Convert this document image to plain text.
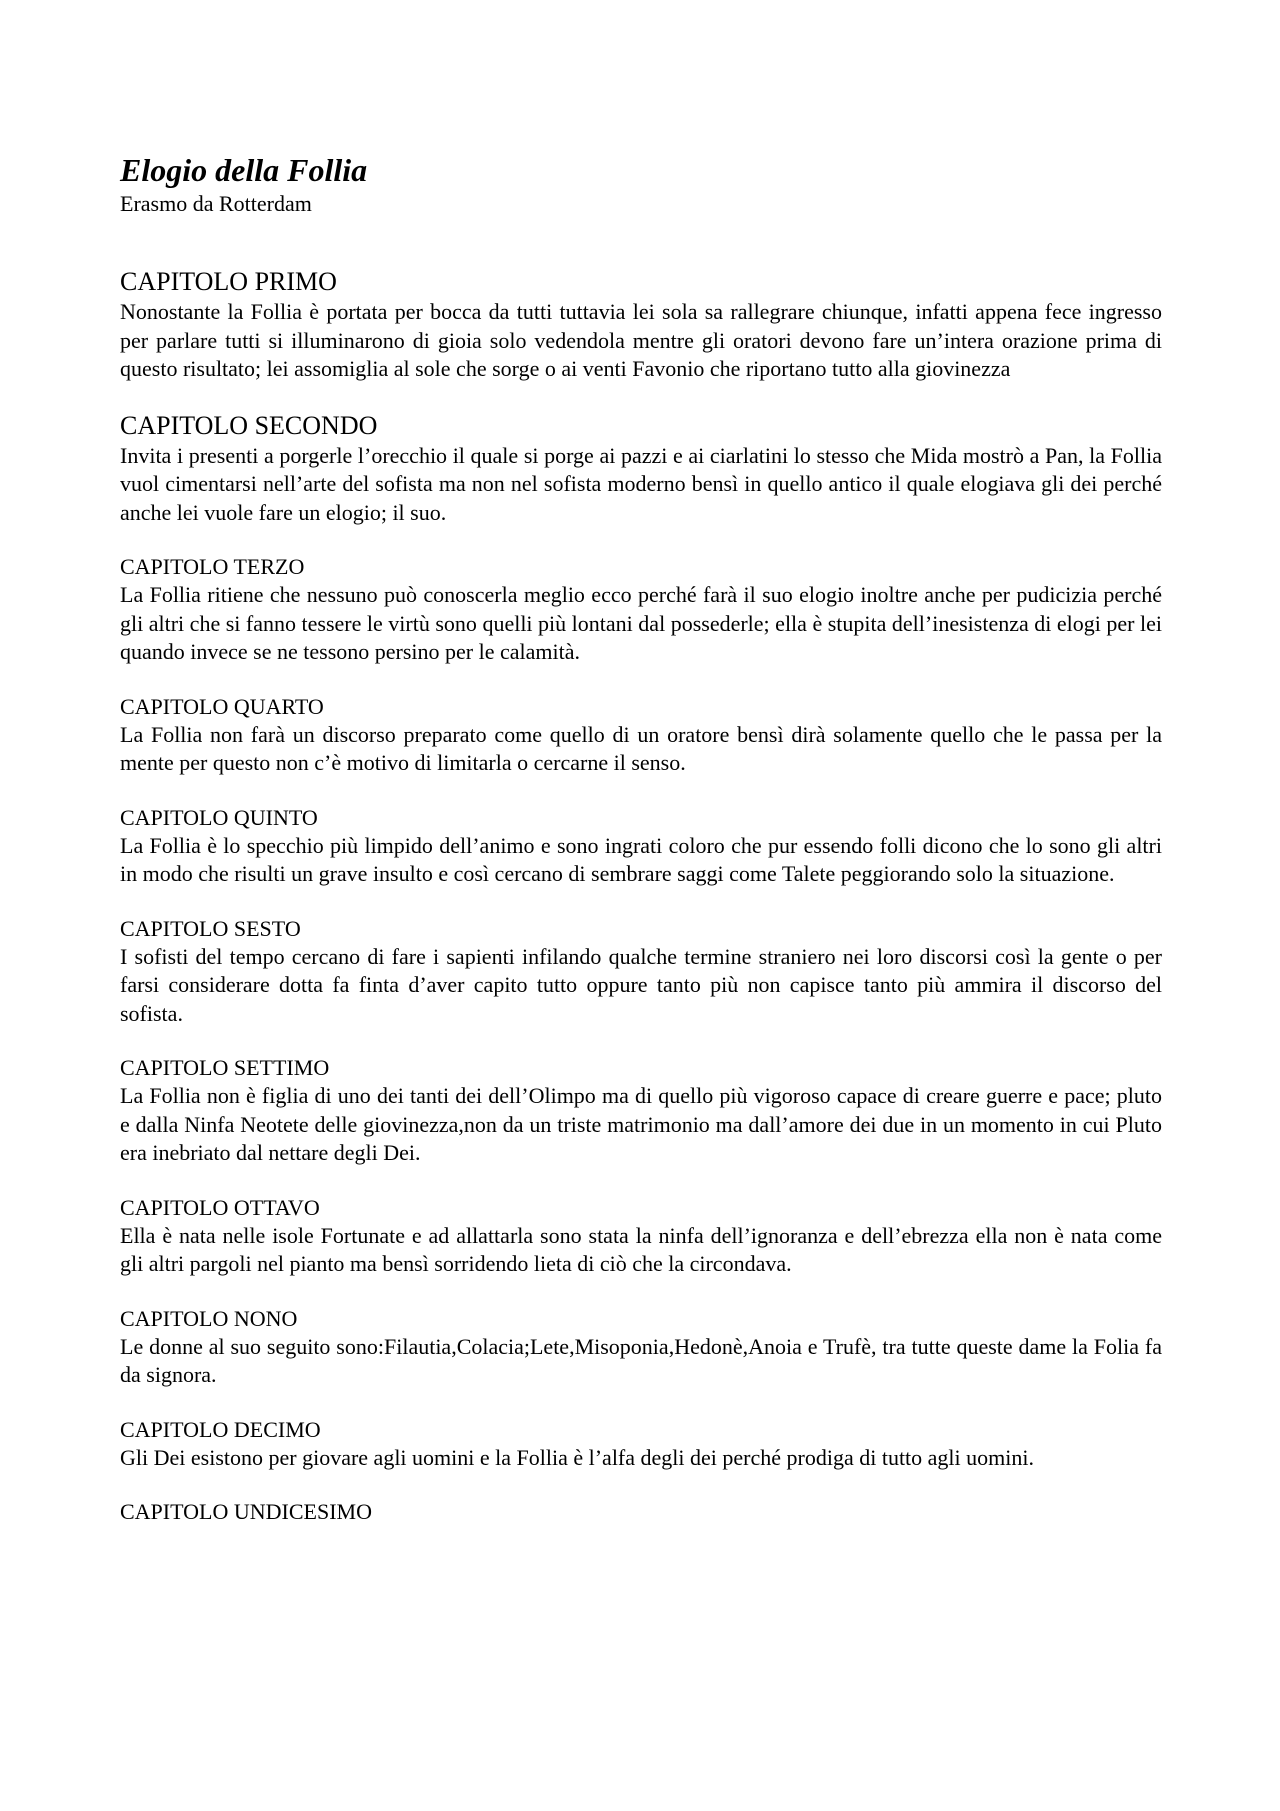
Elogio della Follia

Erasmo da Rotterdam

CAPITOLO PRIMO

Nonostante la Follia è portata per bocca da tutti tuttavia lei sola sa rallegrare chiunque, infatti appena fece ingresso per parlare tutti si illuminarono di gioia solo vedendola mentre gli oratori devono fare un’intera orazione prima di questo risultato; lei assomiglia al sole che sorge o ai venti Favonio che riportano tutto alla giovinezza

CAPITOLO SECONDO

Invita i presenti a porgerle l’orecchio il quale si porge ai pazzi e ai ciarlatini lo stesso che Mida mostrò a Pan, la Follia vuol cimentarsi nell’arte del sofista ma non nel sofista moderno bensì in quello antico il quale elogiava gli dei perché anche lei vuole fare un elogio; il suo.

CAPITOLO TERZO

La Follia ritiene che nessuno può conoscerla meglio ecco perché farà il suo elogio inoltre anche per pudicizia perché gli altri che si fanno tessere le virtù sono quelli più lontani dal possederle; ella è stupita dell’inesistenza di elogi per lei quando invece se ne tessono persino per le calamità.

CAPITOLO QUARTO

La Follia non farà un discorso preparato come quello di un oratore bensì dirà solamente quello che le passa per la mente per questo non c’è motivo di limitarla o cercarne il senso.

CAPITOLO QUINTO

La Follia è lo specchio più limpido dell’animo e sono ingrati coloro che pur essendo folli dicono che lo sono gli altri in modo che risulti un grave insulto e così cercano di sembrare saggi come Talete peggiorando solo la situazione.

CAPITOLO SESTO

I sofisti del tempo cercano di fare i sapienti infilando qualche termine straniero nei loro discorsi così la gente o per farsi considerare dotta fa finta d’aver capito tutto oppure tanto più non capisce tanto più ammira il discorso del sofista.

CAPITOLO SETTIMO

La Follia non è figlia di uno dei tanti dei dell’Olimpo ma di quello più vigoroso capace di creare guerre e pace; pluto e dalla Ninfa Neotete delle giovinezza,non da un triste matrimonio ma dall’amore dei due in un momento in cui Pluto era inebriato dal nettare degli Dei.

CAPITOLO OTTAVO

Ella è nata nelle isole Fortunate e ad allattarla sono stata la ninfa dell’ignoranza e dell’ebrezza ella non è nata come gli altri pargoli nel pianto ma bensì sorridendo lieta di ciò che la circondava.

CAPITOLO NONO

Le donne al suo seguito sono:Filautia,Colacia;Lete,Misoponia,Hedonè,Anoia e Trufè, tra tutte queste dame la Folia fa da signora.

CAPITOLO DECIMO

Gli Dei esistono per giovare agli uomini e la Follia è l’alfa degli dei perché prodiga di tutto agli uomini.

CAPITOLO UNDICESIMO
